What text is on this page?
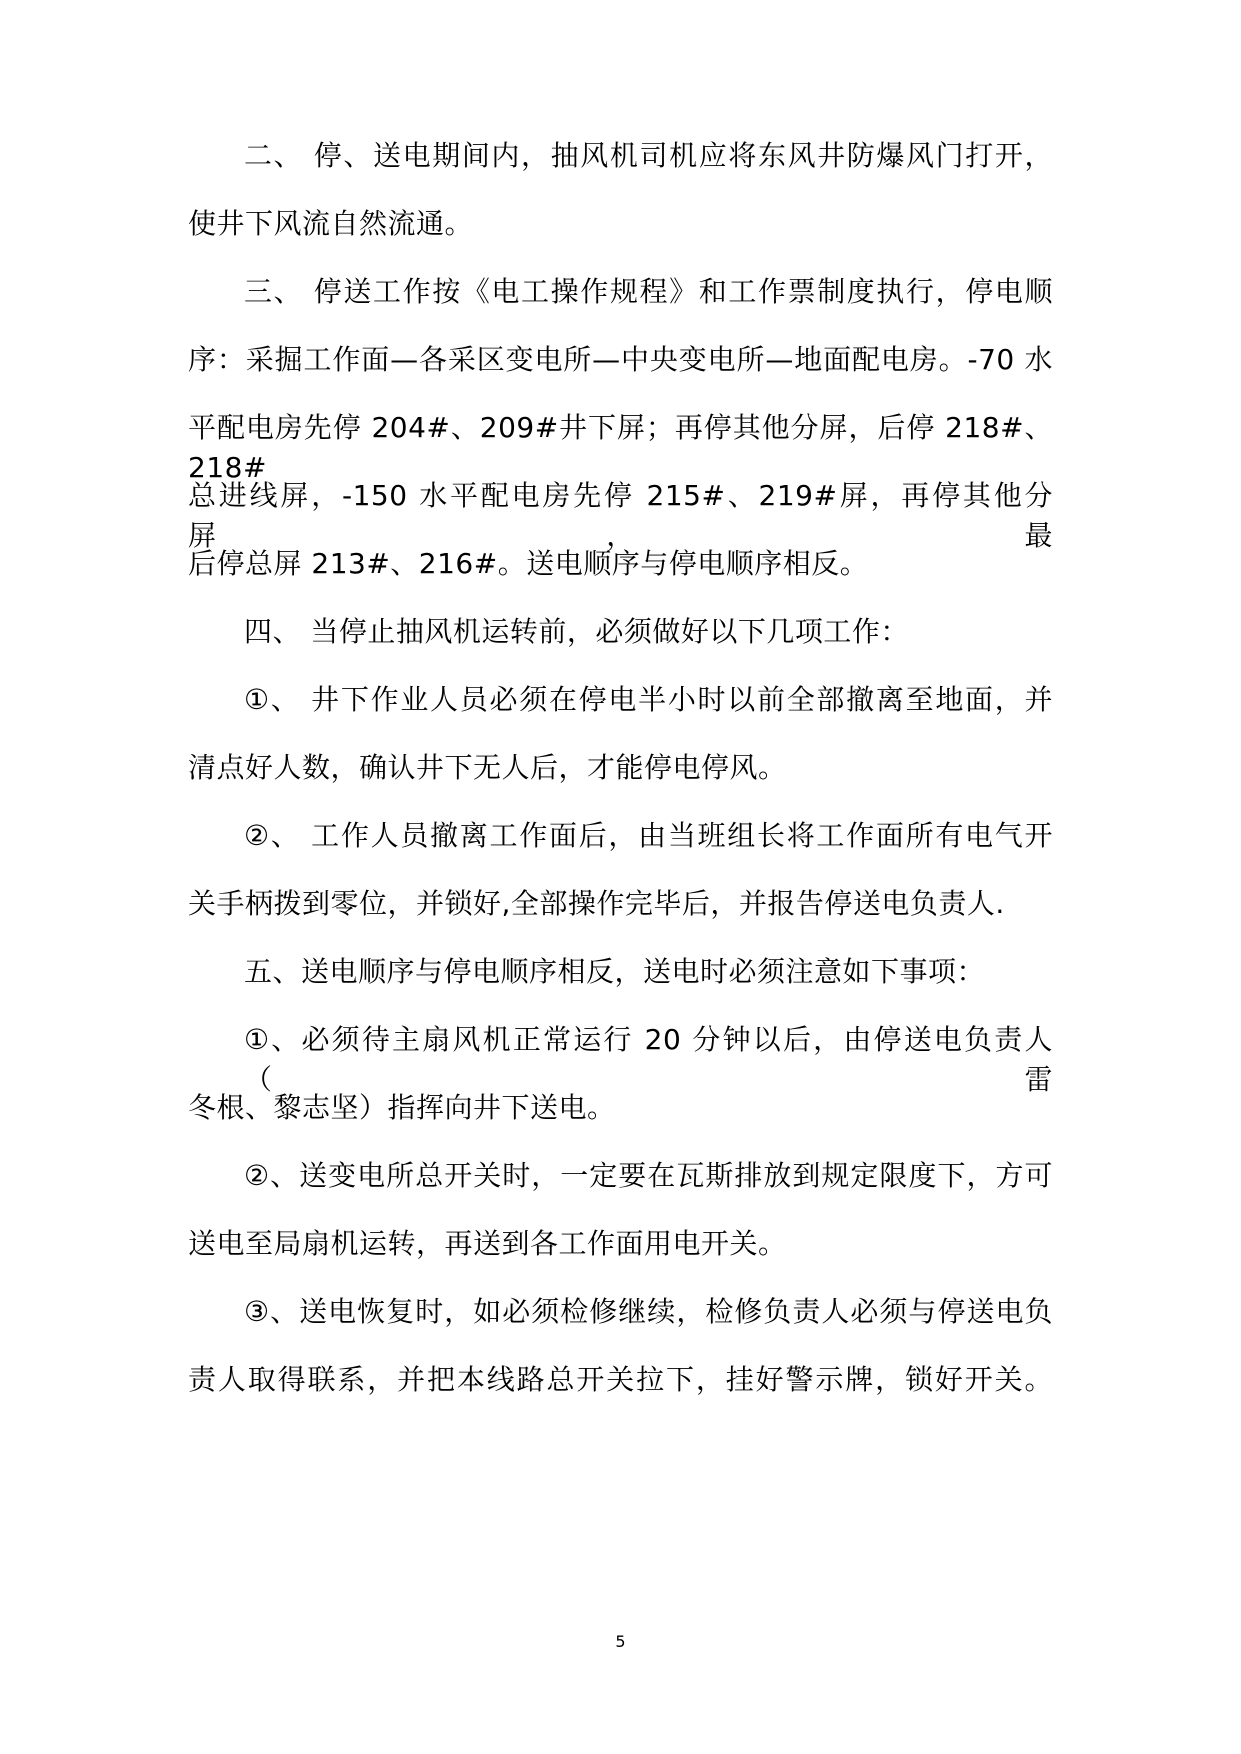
二、 停、送电期间内，抽风机司机应将东风井防爆风门打开，
使井下风流自然流通。
三、 停送工作按《电工操作规程》和工作票制度执行，停电顺
序：采掘工作面—各采区变电所—中央变电所—地面配电房。-70 水
平配电房先停 204#、209#井下屏；再停其他分屏，后停 218#、218#
总进线屏，-150 水平配电房先停 215#、219#屏，再停其他分屏，最
后停总屏 213#、216#。送电顺序与停电顺序相反。
四、 当停止抽风机运转前，必须做好以下几项工作：
①、 井下作业人员必须在停电半小时以前全部撤离至地面，并
清点好人数，确认井下无人后，才能停电停风。
②、 工作人员撤离工作面后，由当班组长将工作面所有电气开
关手柄拨到零位，并锁好,全部操作完毕后，并报告停送电负责人.
五、送电顺序与停电顺序相反，送电时必须注意如下事项：
①、必须待主扇风机正常运行 20 分钟以后，由停送电负责人（雷
冬根、黎志坚）指挥向井下送电。
②、送变电所总开关时，一定要在瓦斯排放到规定限度下，方可
送电至局扇机运转，再送到各工作面用电开关。
③、送电恢复时，如必须检修继续，检修负责人必须与停送电负
责人取得联系，并把本线路总开关拉下，挂好警示牌，锁好开关。
5
